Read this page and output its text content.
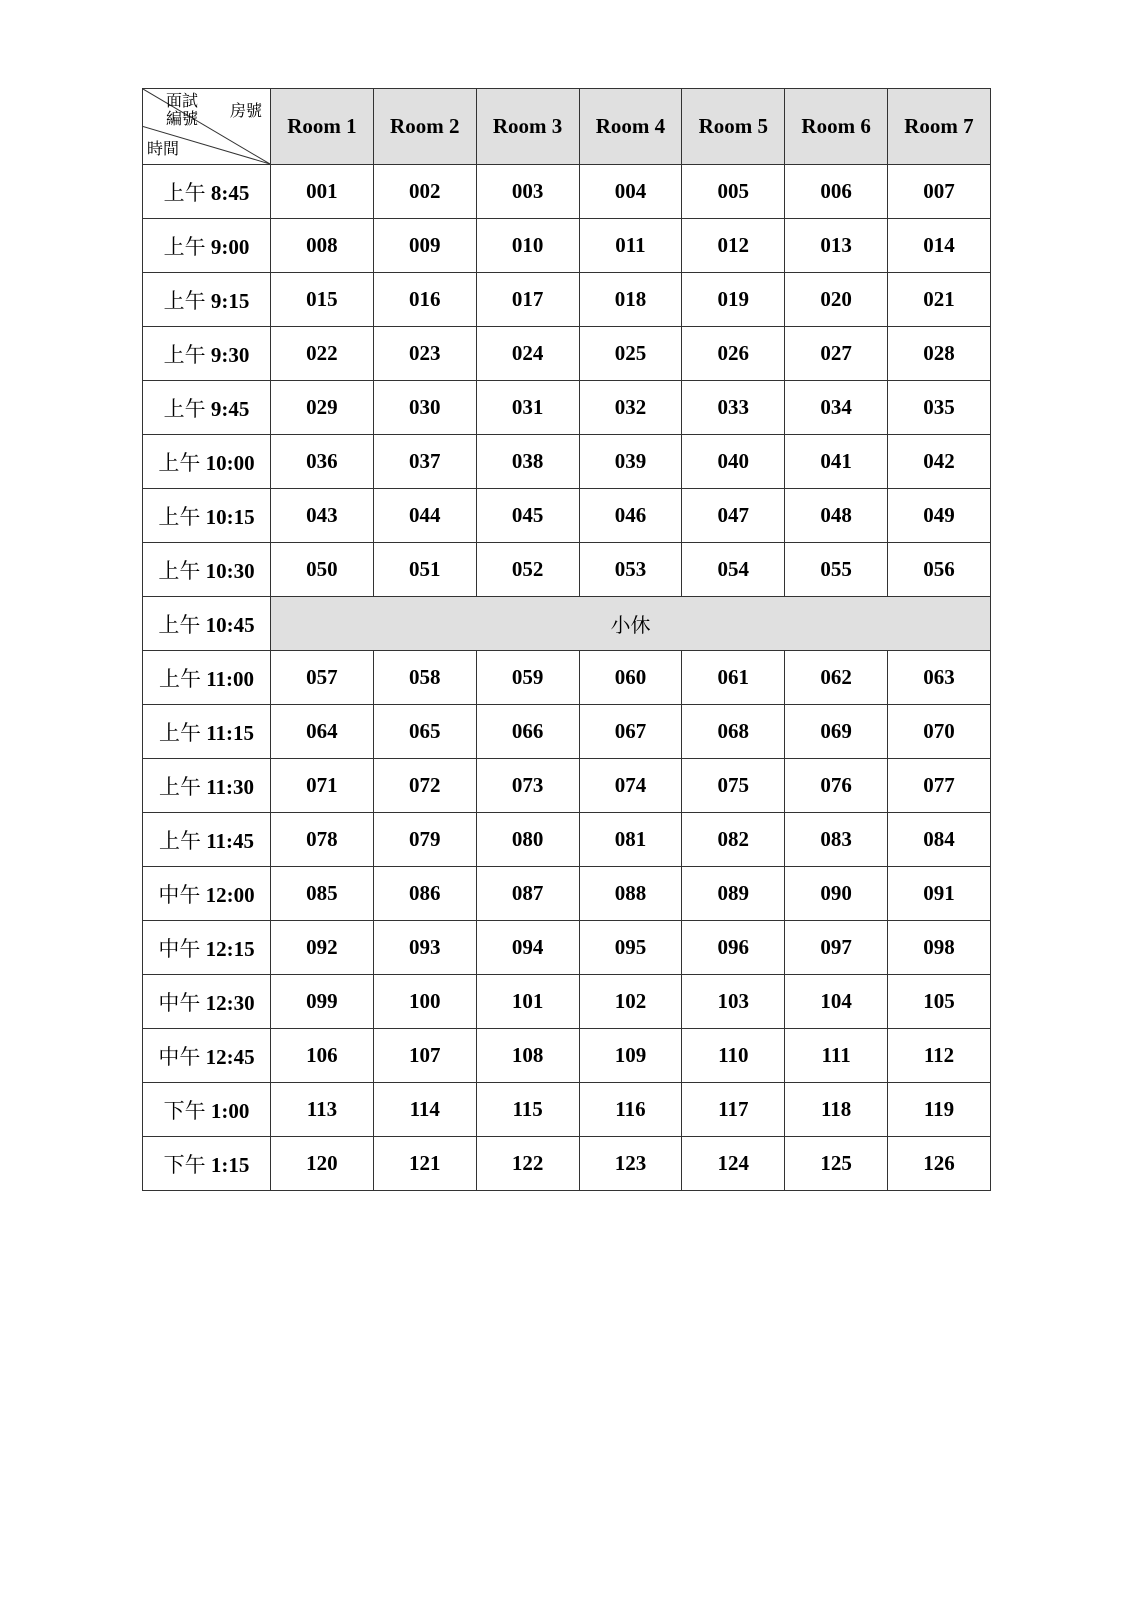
面試
編號 房號
時間	Room 1	Room 2	Room 3	Room 4	Room 5	Room 6	Room 7
上午 8:45	001	002	003	004	005	006	007
上午 9:00	008	009	010	011	012	013	014
上午 9:15	015	016	017	018	019	020	021
上午 9:30	022	023	024	025	026	027	028
上午 9:45	029	030	031	032	033	034	035
上午 10:00	036	037	038	039	040	041	042
上午 10:15	043	044	045	046	047	048	049
上午 10:30	050	051	052	053	054	055	056
上午 10:45	小休						
上午 11:00	057	058	059	060	061	062	063
上午 11:15	064	065	066	067	068	069	070
上午 11:30	071	072	073	074	075	076	077
上午 11:45	078	079	080	081	082	083	084
中午 12:00	085	086	087	088	089	090	091
中午 12:15	092	093	094	095	096	097	098
中午 12:30	099	100	101	102	103	104	105
中午 12:45	106	107	108	109	110	111	112
下午 1:00	113	114	115	116	117	118	119
下午 1:15	120	121	122	123	124	125	126
